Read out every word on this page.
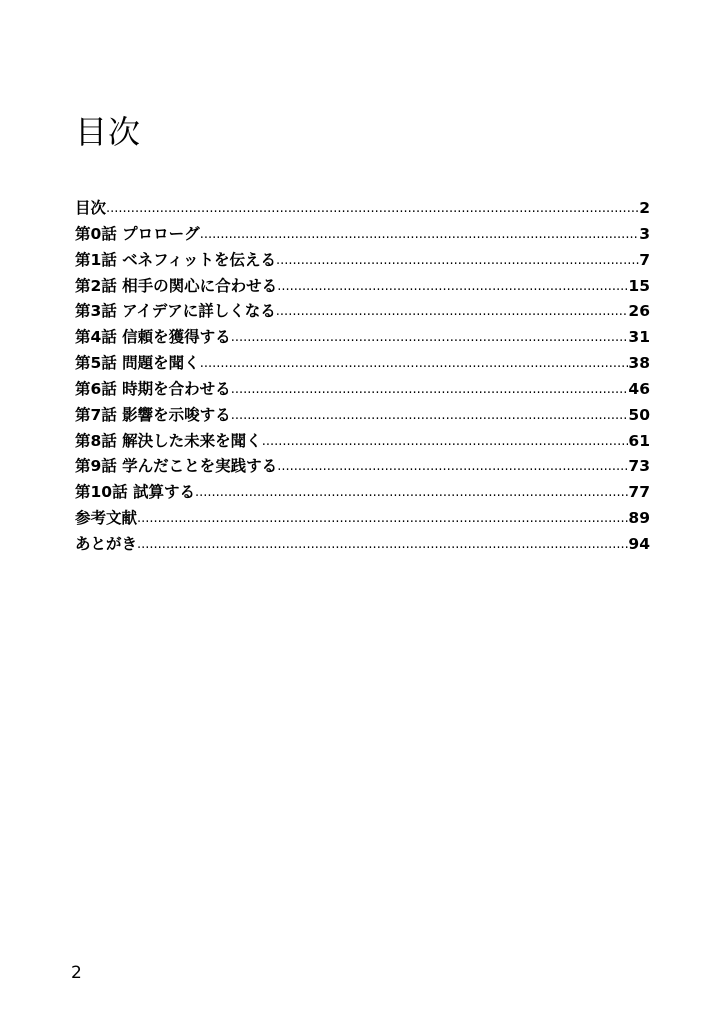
目次
目次 .....	2
第0話 プロローグ .....	3
第1話 ベネフィットを伝える .....	7
第2話 相手の関心に合わせる .....	15
第3話 アイデアに詳しくなる .....	26
第4話 信頼を獲得する .....	31
第5話 問題を聞く .....	38
第6話 時期を合わせる .....	46
第7話 影響を示唆する .....	50
第8話 解決した未来を聞く .....	61
第9話 学んだことを実践する .....	73
第10話 試算する .....	77
参考文献 .....	89
あとがき .....	94
2
